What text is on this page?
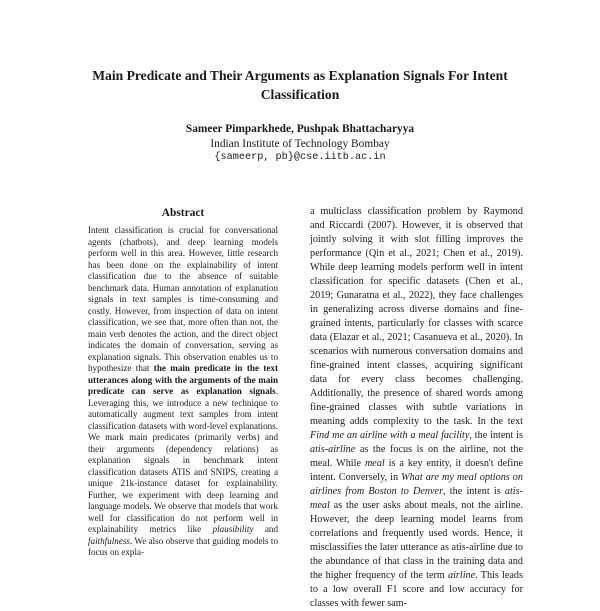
Main Predicate and Their Arguments as Explanation Signals For Intent Classification
Sameer Pimparkhede, Pushpak Bhattacharyya
Indian Institute of Technology Bombay
{sameerp, pb}@cse.iitb.ac.in
Abstract

Intent classification is crucial for conversational agents (chatbots), and deep learning models perform well in this area. However, little research has been done on the explainability of intent classification due to the absence of suitable benchmark data. Human annotation of explanation signals in text samples is time-consuming and costly. However, from inspection of data on intent classification, we see that, more often than not, the main verb denotes the action, and the direct object indicates the domain of conversation, serving as explanation signals. This observation enables us to hypothesize that the main predicate in the text utterances along with the arguments of the main predicate can serve as explanation signals. Leveraging this, we introduce a new technique to automatically augment text samples from intent classification datasets with word-level explanations. We mark main predicates (primarily verbs) and their arguments (dependency relations) as explanation signals in benchmark intent classification datasets ATIS and SNIPS, creating a unique 21k-instance dataset for explainability. Further, we experiment with deep learning and language models. We observe that models that work well for classification do not perform well in explainability metrics like plausibility and faithfulness. We also observe that guiding models to focus on expla-

a multiclass classification problem by Raymond and Riccardi (2007). However, it is observed that jointly solving it with slot filling improves the performance (Qin et al., 2021; Chen et al., 2019). While deep learning models perform well in intent classification for specific datasets (Chen et al., 2019; Gunaratna et al., 2022), they face challenges in generalizing across diverse domains and fine-grained intents, particularly for classes with scarce data (Elazar et al., 2021; Casanueva et al., 2020). In scenarios with numerous conversation domains and fine-grained intent classes, acquiring significant data for every class becomes challenging. Additionally, the presence of shared words among fine-grained classes with subtle variations in meaning adds complexity to the task. In the text Find me an airline with a meal facility, the intent is atis-airline as the focus is on the airline, not the meal. While meal is a key entity, it doesn't define intent. Conversely, in What are my meal options on airlines from Boston to Denver, the intent is atis-meal as the user asks about meals, not the airline. However, the deep learning model learns from correlations and frequently used words. Hence, it misclassifies the later utterance as atis-airline due to the abundance of that class in the training data and the higher frequency of the term airline. This leads to a low overall F1 score and low accuracy for classes with fewer sam-
